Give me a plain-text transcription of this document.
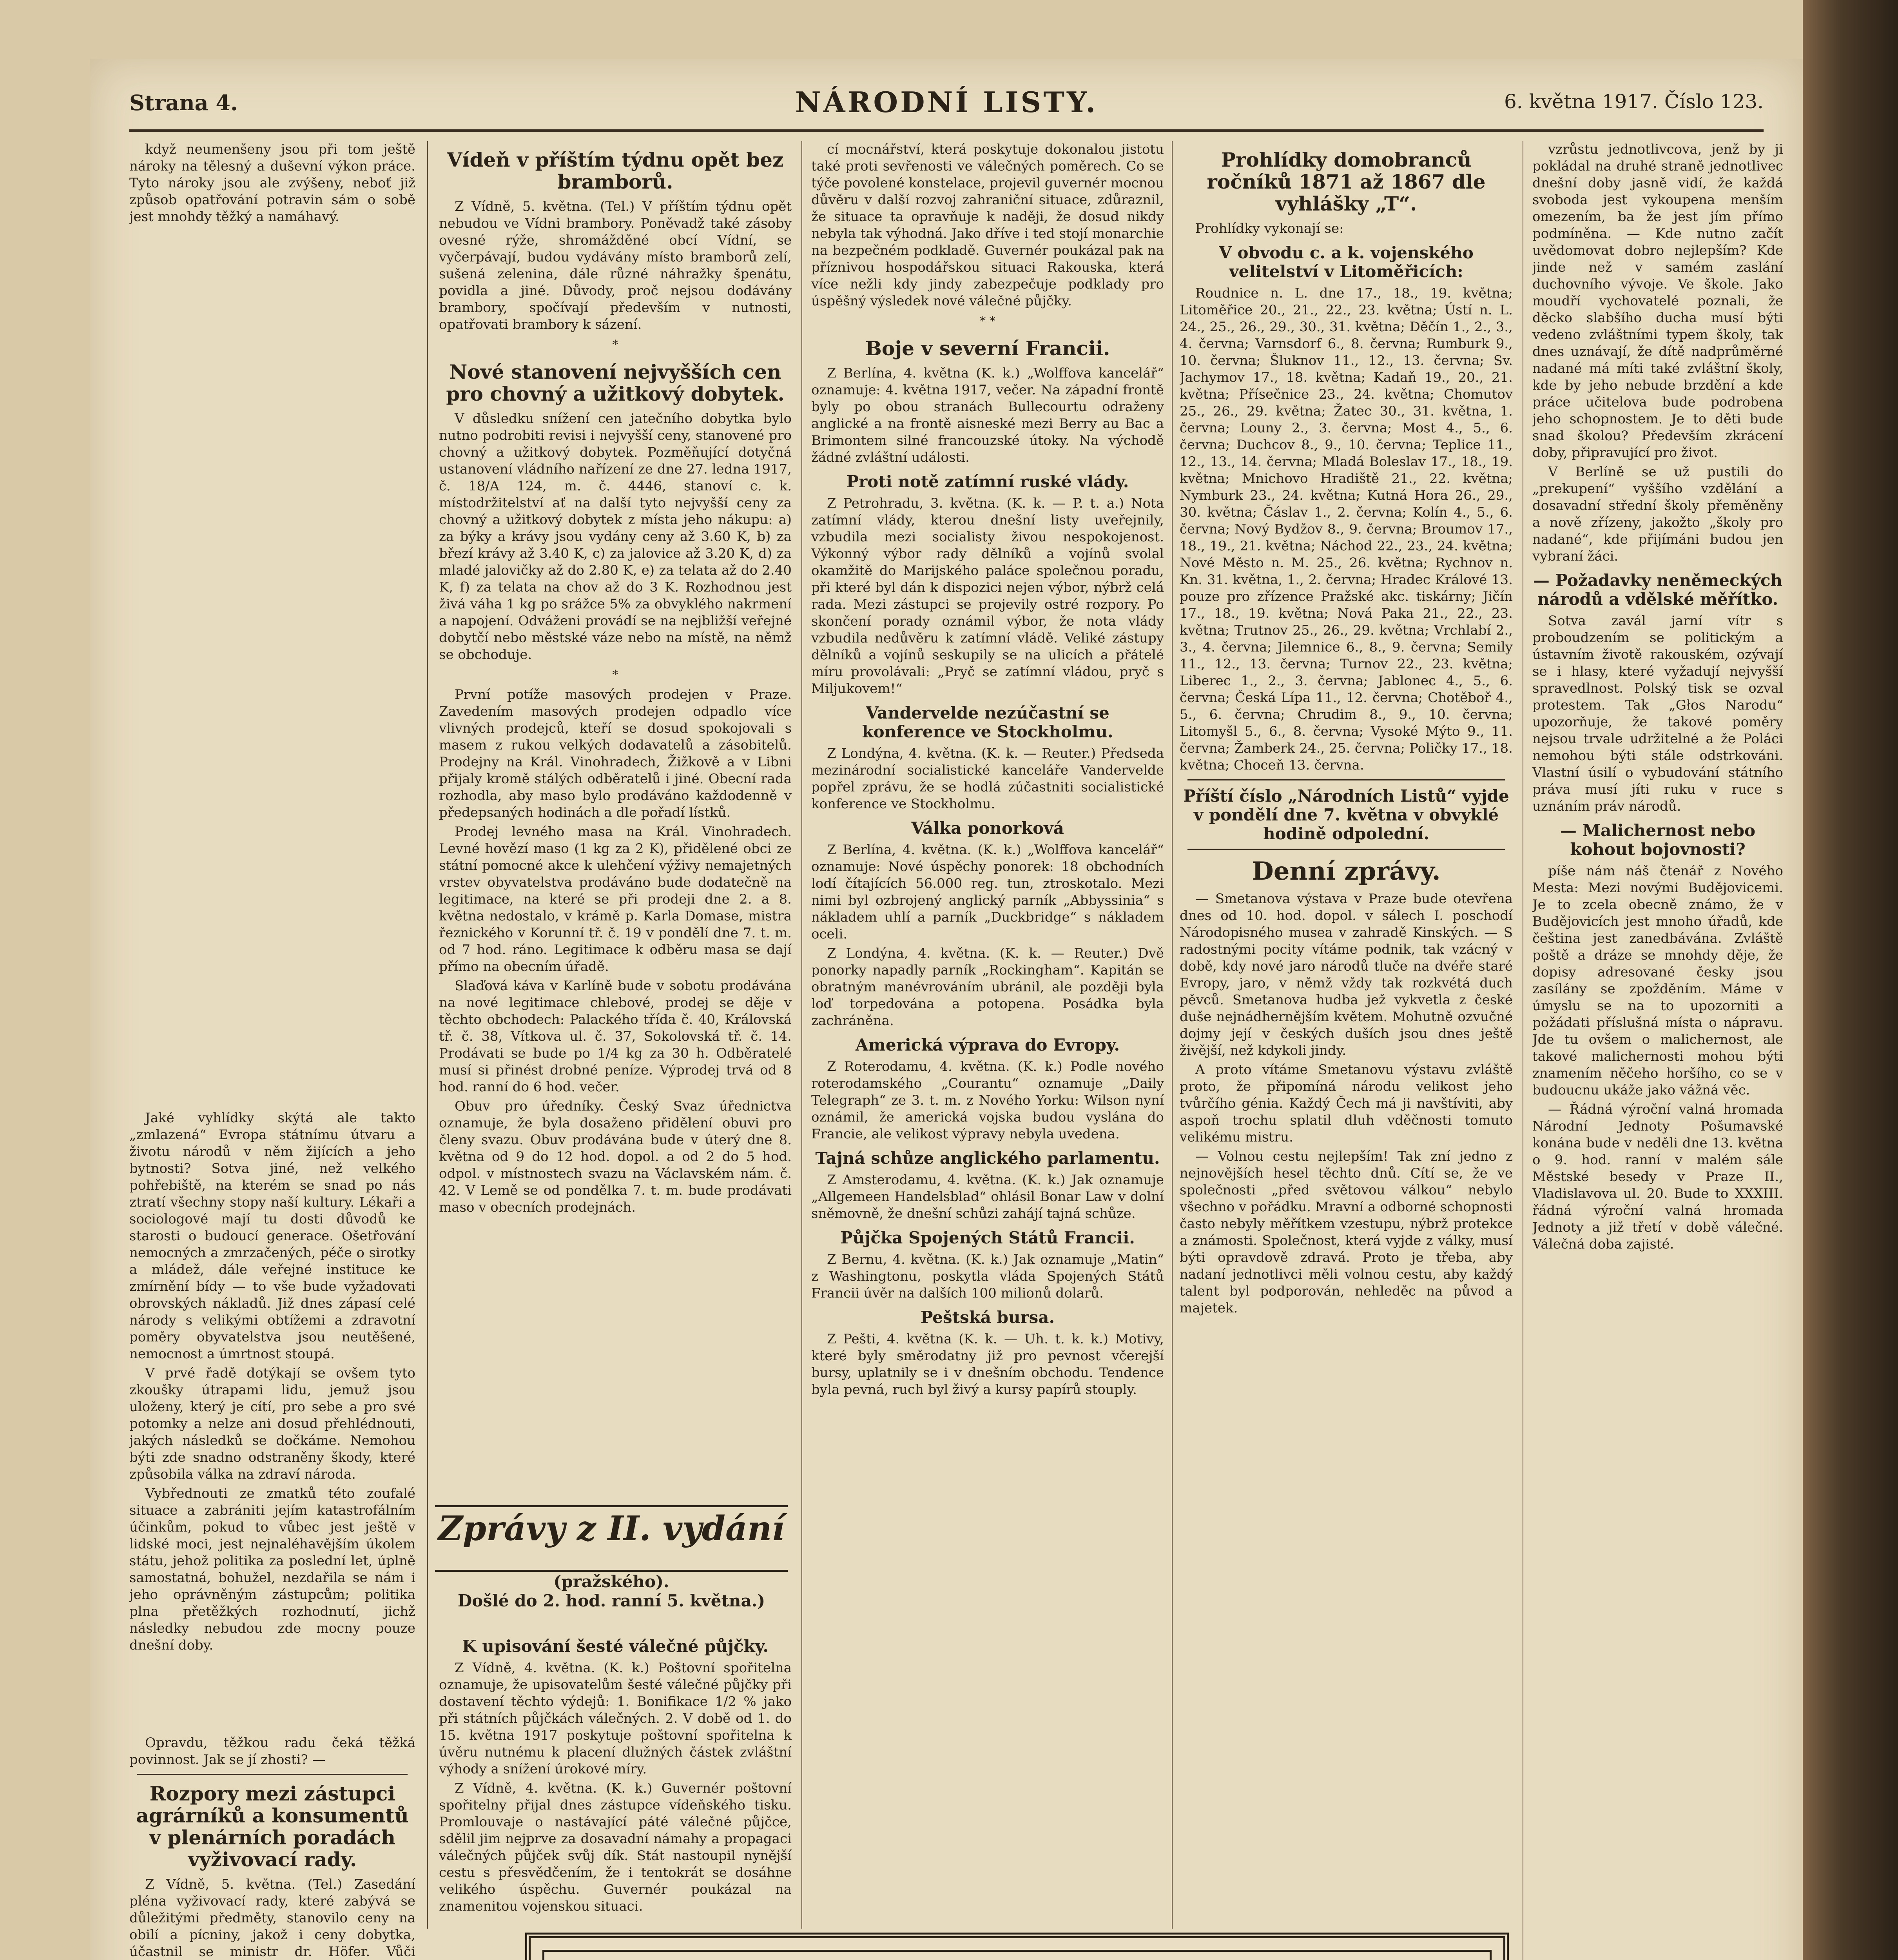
Strana 4.	NÁRODNÍ LISTY.	6. května 1917. Číslo 123.

když neumenšeny jsou při tom ještě nároky na tělesný a duševní výkon práce. Tyto nároky jsou ale zvýšeny, neboť již způsob opatřování potravin sám o sobě jest mnohdy těžký a namáhavý.

Jaké vyhlídky skýtá ale takto „zmlazená“ Evropa státnímu útvaru a životu národů v něm žijících a jeho bytnosti? Sotva jiné, než velkého pohřebiště, na kterém se snad po nás ztratí všechny stopy naší kultury. Lékaři a sociologové mají tu dosti důvodů ke starosti o budoucí generace. Ošetřování nemocných a zmrzačených, péče o sirotky a mládež, dále veřejné instituce ke zmírnění bídy — to vše bude vyžadovati obrovských nákladů. Již dnes zápasí celé národy s velikými obtížemi a zdravotní poměry obyvatelstva jsou neutěšené, nemocnost a úmrtnost stoupá.

V prvé řadě dotýkají se ovšem tyto zkoušky útrapami lidu, jemuž jsou uloženy, který je cítí, pro sebe a pro své potomky a nelze ani dosud přehlédnouti, jakých následků se dočkáme. Nemohou býti zde snadno odstraněny škody, které způsobila válka na zdraví národa.

Vybřednouti ze zmatků této zoufalé situace a zabrániti jejím katastrofálním účinkům, pokud to vůbec jest ještě v lidské moci, jest nejnaléhavějším úkolem státu, jehož politika za poslední let, úplně samostatná, bohužel, nezdařila se nám i jeho oprávněným zástupcům; politika plna přetěžkých rozhodnutí, jichž následky nebudou zde mocny pouze dnešní doby.

Opravdu, těžkou radu čeká těžká povinnost. Jak se jí zhosti? —

Rozpory mezi zástupci agrárníků a konsumentů v plenárních poradách vyživovací rady.

Z Vídně, 5. května. (Tel.) Zasedání pléna vyživovací rady, které zabývá se důležitými předměty, stanovilo ceny na obilí a pícniny, jakož i ceny dobytka, účastnil se ministr dr. Höfer. Vůči

Vídeň v příštím týdnu opět bez bramborů.

Z Vídně, 5. května. (Tel.) V příštím týdnu opět nebudou ve Vídni brambory. Poněvadž také zásoby ovesné rýže, shromážděné obcí Vídní, se vyčerpávají, budou vydávány místo bramborů zelí, sušená zelenina, dále různé náhražky špenátu, povidla a jiné. Důvody, proč nejsou dodávány brambory, spočívají především v nutnosti, opatřovati brambory k sázení.

*
Nové stanovení nejvyšších cen pro chovný a užitkový dobytek.

V důsledku snížení cen jatečního dobytka bylo nutno podrobiti revisi i nejvyšší ceny, stanovené pro chovný a užitkový dobytek. Pozměňující dotyčná ustanovení vládního nařízení ze dne 27. ledna 1917, č. 18/A 124, m. č. 4446, stanoví c. k. místodržitelství ať na další tyto nejvyšší ceny za chovný a užitkový dobytek z místa jeho nákupu: a) za býky a krávy jsou vydány ceny až 3.60 K, b) za březí krávy až 3.40 K, c) za jalovice až 3.20 K, d) za mladé jalovičky až do 2.80 K, e) za telata až do 2.40 K, f) za telata na chov až do 3 K. Rozhodnou jest živá váha 1 kg po srážce 5% za obvyklého nakrmení a napojení. Odváženi provádí se na nejbližší veřejné dobytčí nebo městské váze nebo na místě, na němž se obchoduje.

*

První potíže masových prodejen v Praze. Zavedením masových prodejen odpadlo více vlivných prodejců, kteří se dosud spokojovali s masem z rukou velkých dodavatelů a zásobitelů. Prodejny na Král. Vinohradech, Žižkově a v Libni přijaly kromě stálých odběratelů i jiné. Obecní rada rozhodla, aby maso bylo prodáváno každodenně v předepsaných hodinách a dle pořadí lístků.

Prodej levného masa na Král. Vinohradech. Levné hovězí maso (1 kg za 2 K), přidělené obci ze státní pomocné akce k ulehčení výživy nemajetných vrstev obyvatelstva prodáváno bude dodatečně na legitimace, na které se při prodeji dne 2. a 8. května nedostalo, v krámě p. Karla Domase, mistra řeznického v Korunní tř. č. 19 v pondělí dne 7. t. m. od 7 hod. ráno. Legitimace k odběru masa se dají přímo na obecním úřadě.

Slaďová káva v Karlíně bude v sobotu prodávána na nové legitimace chlebové, prodej se děje v těchto obchodech: Palackého třída č. 40, Královská tř. č. 38, Vítkova ul. č. 37, Sokolovská tř. č. 14. Prodávati se bude po 1/4 kg za 30 h. Odběratelé musí si přinést drobné peníze. Výprodej trvá od 8 hod. ranní do 6 hod. večer.

Obuv pro úředníky. Český Svaz úřednictva oznamuje, že byla dosaženo přidělení obuvi pro členy svazu. Obuv prodávána bude v úterý dne 8. května od 9 do 12 hod. dopol. a od 2 do 5 hod. odpol. v místnostech svazu na Václavském nám. č. 42. V Lemě se od pondělka 7. t. m. bude prodávati maso v obecních prodejnách.

Zprávy z II. vydání
(pražského).
Došlé do 2. hod. ranní 5. května.)
K upisování šesté válečné půjčky.

Z Vídně, 4. května. (K. k.) Poštovní spořitelna oznamuje, že upisovatelům šesté válečné půjčky při dostavení těchto výdejů: 1. Bonifikace 1/2 % jako při státních půjčkách válečných. 2. V době od 1. do 15. května 1917 poskytuje poštovní spořitelna k úvěru nutnému k placení dlužných částek zvláštní výhody a snížení úrokové míry.

Z Vídně, 4. května. (K. k.) Guvernér poštovní spořitelny přijal dnes zástupce vídeňského tisku. Promlouvaje o nastávající páté válečné půjčce, sdělil jim nejprve za dosavadní námahy a propagaci válečných půjček svůj dík. Stát nastoupil nynější cestu s přesvědčením, že i tentokrát se dosáhne velikého úspěchu. Guvernér poukázal na znamenitou vojenskou situaci.

cí mocnářství, která poskytuje dokonalou jistotu také proti sevřenosti ve válečných poměrech. Co se týče povolené konstelace, projevil guvernér mocnou důvěru v další rozvoj zahraniční situace, zdůraznil, že situace ta opravňuje k naději, že dosud nikdy nebyla tak výhodná. Jako dříve i ted stojí monarchie na bezpečném podkladě. Guvernér poukázal pak na příznivou hospodářskou situaci Rakouska, která více nežli kdy jindy zabezpečuje podklady pro úspěšný výsledek nové válečné půjčky.

* *
Boje v severní Francii.

Z Berlína, 4. května (K. k.) „Wolffova kancelář“ oznamuje: 4. května 1917, večer. Na západní frontě byly po obou stranách Bullecourtu odraženy anglické a na frontě aisneské mezi Berry au Bac a Brimontem silné francouzské útoky. Na východě žádné zvláštní události.

Proti notě zatímní ruské vlády.

Z Petrohradu, 3. května. (K. k. — P. t. a.) Nota zatímní vlády, kterou dnešní listy uveřejnily, vzbudila mezi socialisty živou nespokojenost. Výkonný výbor rady dělníků a vojínů svolal okamžitě do Marijského paláce společnou poradu, při které byl dán k dispozici nejen výbor, nýbrž celá rada. Mezi zástupci se projevily ostré rozpory. Po skončení porady oznámil výbor, že nota vlády vzbudila nedůvěru k zatímní vládě. Veliké zástupy dělníků a vojínů seskupily se na ulicích a přátelé míru provolávali: „Pryč se zatímní vládou, pryč s Miljukovem!“

Vandervelde nezúčastní se konference ve Stockholmu.

Z Londýna, 4. května. (K. k. — Reuter.) Předseda mezinárodní socialistické kanceláře Vandervelde popřel zprávu, že se hodlá zúčastniti socialistické konference ve Stockholmu.

Válka ponorková

Z Berlína, 4. května. (K. k.) „Wolffova kancelář“ oznamuje: Nové úspěchy ponorek: 18 obchodních lodí čítajících 56.000 reg. tun, ztroskotalo. Mezi nimi byl ozbrojený anglický parník „Abbyssinia“ s nákladem uhlí a parník „Duckbridge“ s nákladem oceli.

Z Londýna, 4. května. (K. k. — Reuter.) Dvě ponorky napadly parník „Rockingham“. Kapitán se obratným manévrováním ubránil, ale později byla loď torpedována a potopena. Posádka byla zachráněna.

Americká výprava do Evropy.

Z Roterodamu, 4. května. (K. k.) Podle nového roterodamského „Courantu“ oznamuje „Daily Telegraph“ ze 3. t. m. z Nového Yorku: Wilson nyní oznámil, že americká vojska budou vyslána do Francie, ale velikost výpravy nebyla uvedena.

Tajná schůze anglického parlamentu.

Z Amsterodamu, 4. května. (K. k.) Jak oznamuje „Allgemeen Handelsblad“ ohlásil Bonar Law v dolní sněmovně, že dnešní schůzi zahájí tajná schůze.

Půjčka Spojených Států Francii.

Z Bernu, 4. května. (K. k.) Jak oznamuje „Matin“ z Washingtonu, poskytla vláda Spojených Států Francii úvěr na dalších 100 milionů dolarů.

Peštská bursa.

Z Pešti, 4. května (K. k. — Uh. t. k. k.) Motivy, které byly směrodatny již pro pevnost včerejší bursy, uplatnily se i v dnešním obchodu. Tendence byla pevná, ruch byl živý a kursy papírů stouply.

Prohlídky domobranců ročníků 1871 až 1867 dle vyhlášky „T“.

Prohlídky vykonají se:

V obvodu c. a k. vojenského velitelství v Litoměřicích:

Roudnice n. L. dne 17., 18., 19. května; Litoměřice 20., 21., 22., 23. května; Ústí n. L. 24., 25., 26., 29., 30., 31. května; Děčín 1., 2., 3., 4. června; Varnsdorf 6., 8. června; Rumburk 9., 10. června; Šluknov 11., 12., 13. června; Sv. Jachymov 17., 18. května; Kadaň 19., 20., 21. května; Přísečnice 23., 24. května; Chomutov 25., 26., 29. května; Žatec 30., 31. května, 1. června; Louny 2., 3. června; Most 4., 5., 6. června; Duchcov 8., 9., 10. června; Teplice 11., 12., 13., 14. června; Mladá Boleslav 17., 18., 19. května; Mnichovo Hradiště 21., 22. května; Nymburk 23., 24. května; Kutná Hora 26., 29., 30. května; Čáslav 1., 2. června; Kolín 4., 5., 6. června; Nový Bydžov 8., 9. června; Broumov 17., 18., 19., 21. května; Náchod 22., 23., 24. května; Nové Město n. M. 25., 26. května; Rychnov n. Kn. 31. května, 1., 2. června; Hradec Králové 13. pouze pro zřízence Pražské akc. tiskárny; Jičín 17., 18., 19. května; Nová Paka 21., 22., 23. května; Trutnov 25., 26., 29. května; Vrchlabí 2., 3., 4. června; Jilemnice 6., 8., 9. června; Semily 11., 12., 13. června; Turnov 22., 23. května; Liberec 1., 2., 3. června; Jablonec 4., 5., 6. června; Česká Lípa 11., 12. června; Chotěboř 4., 5., 6. června; Chrudim 8., 9., 10. června; Litomyšl 5., 6., 8. června; Vysoké Mýto 9., 11. června; Žamberk 24., 25. června; Poličky 17., 18. května; Choceň 13. června.

Příští číslo „Národních Listů“ vyjde v pondělí dne 7. května v obvyklé hodině odpolední.
Denní zprávy.

— Smetanova výstava v Praze bude otevřena dnes od 10. hod. dopol. v sálech I. poschodí Národopisného musea v zahradě Kinských. — S radostnými pocity vítáme podnik, tak vzácný v době, kdy nové jaro národů tluče na dvéře staré Evropy, jaro, v němž vždy tak rozkvétá duch pěvců. Smetanova hudba jež vykvetla z české duše nejnádhernějším květem. Mohutně ozvučné dojmy její v českých duších jsou dnes ještě živější, než kdykoli jindy.

A proto vítáme Smetanovu výstavu zvláště proto, že připomíná národu velikost jeho tvůrčího génia. Každý Čech má ji navštíviti, aby aspoň trochu splatil dluh vděčnosti tomuto velikému mistru.

— Volnou cestu nejlepším! Tak zní jedno z nejnovějších hesel těchto dnů. Cítí se, že ve společnosti „před světovou válkou“ nebylo všechno v pořádku. Mravní a odborné schopnosti často nebyly měřítkem vzestupu, nýbrž protekce a známosti. Společnost, která vyjde z války, musí býti opravdově zdravá. Proto je třeba, aby nadaní jednotlivci měli volnou cestu, aby každý talent byl podporován, nehleděc na původ a majetek.

vzrůstu jednotlivcova, jenž by ji pokládal na druhé straně jednotlivec dnešní doby jasně vidí, že každá svoboda jest vykoupena menším omezením, ba že jest jím přímo podmíněna. — Kde nutno začít uvědomovat dobro nejlepším? Kde jinde než v samém zaslání duchovního vývoje. Ve škole. Jako moudří vychovatelé poznali, že děcko slabšího ducha musí býti vedeno zvláštními typem školy, tak dnes uznávají, že dítě nadprůměrné nadané má míti také zvláštní školy, kde by jeho nebude brzdění a kde práce učitelova bude podrobena jeho schopnostem. Je to děti bude snad školou? Především zkrácení doby, připravující pro život.

V Berlíně se už pustili do „prekupení“ vyššího vzdělání a dosavadní střední školy přeměněny a nově zřízeny, jakožto „školy pro nadané“, kde přijímáni budou jen vybraní žáci.

— Požadavky neněmeckých národů a vdělské měřítko.

Sotva zavál jarní vítr s proboudzením se politickým a ústavním životě rakouském, ozývají se i hlasy, které vyžadují nejvyšší spravedlnost. Polský tisk se ozval protestem. Tak „Głos Narodu“ upozorňuje, že takové poměry nejsou trvale udržitelné a že Poláci nemohou býti stále odstrkováni. Vlastní úsilí o vybudování státního práva musí jíti ruku v ruce s uznáním práv národů.

— Malichernost nebo kohout bojovnosti?

píše nám náš čtenář z Nového Mesta: Mezi novými Budějovicemi. Je to zcela obecně známo, že v Budějovicích jest mnoho úřadů, kde čeština jest zanedbávána. Zvláště poště a dráze se mnohdy děje, že dopisy adresované česky jsou zasílány se zpožděním. Máme v úmyslu se na to upozorniti a požádati příslušná místa o nápravu. Jde tu ovšem o malichernost, ale takové malichernosti mohou býti znamením něčeho horšího, co se v budoucnu ukáže jako vážná věc.

— Řádná výroční valná hromada Národní Jednoty Pošumavské konána bude v neděli dne 13. května o 9. hod. ranní v malém sále Městské besedy v Praze II., Vladislavova ul. 20. Bude to XXXIII. řádná výroční valná hromada Jednoty a již třetí v době válečné. Válečná doba zajisté.
